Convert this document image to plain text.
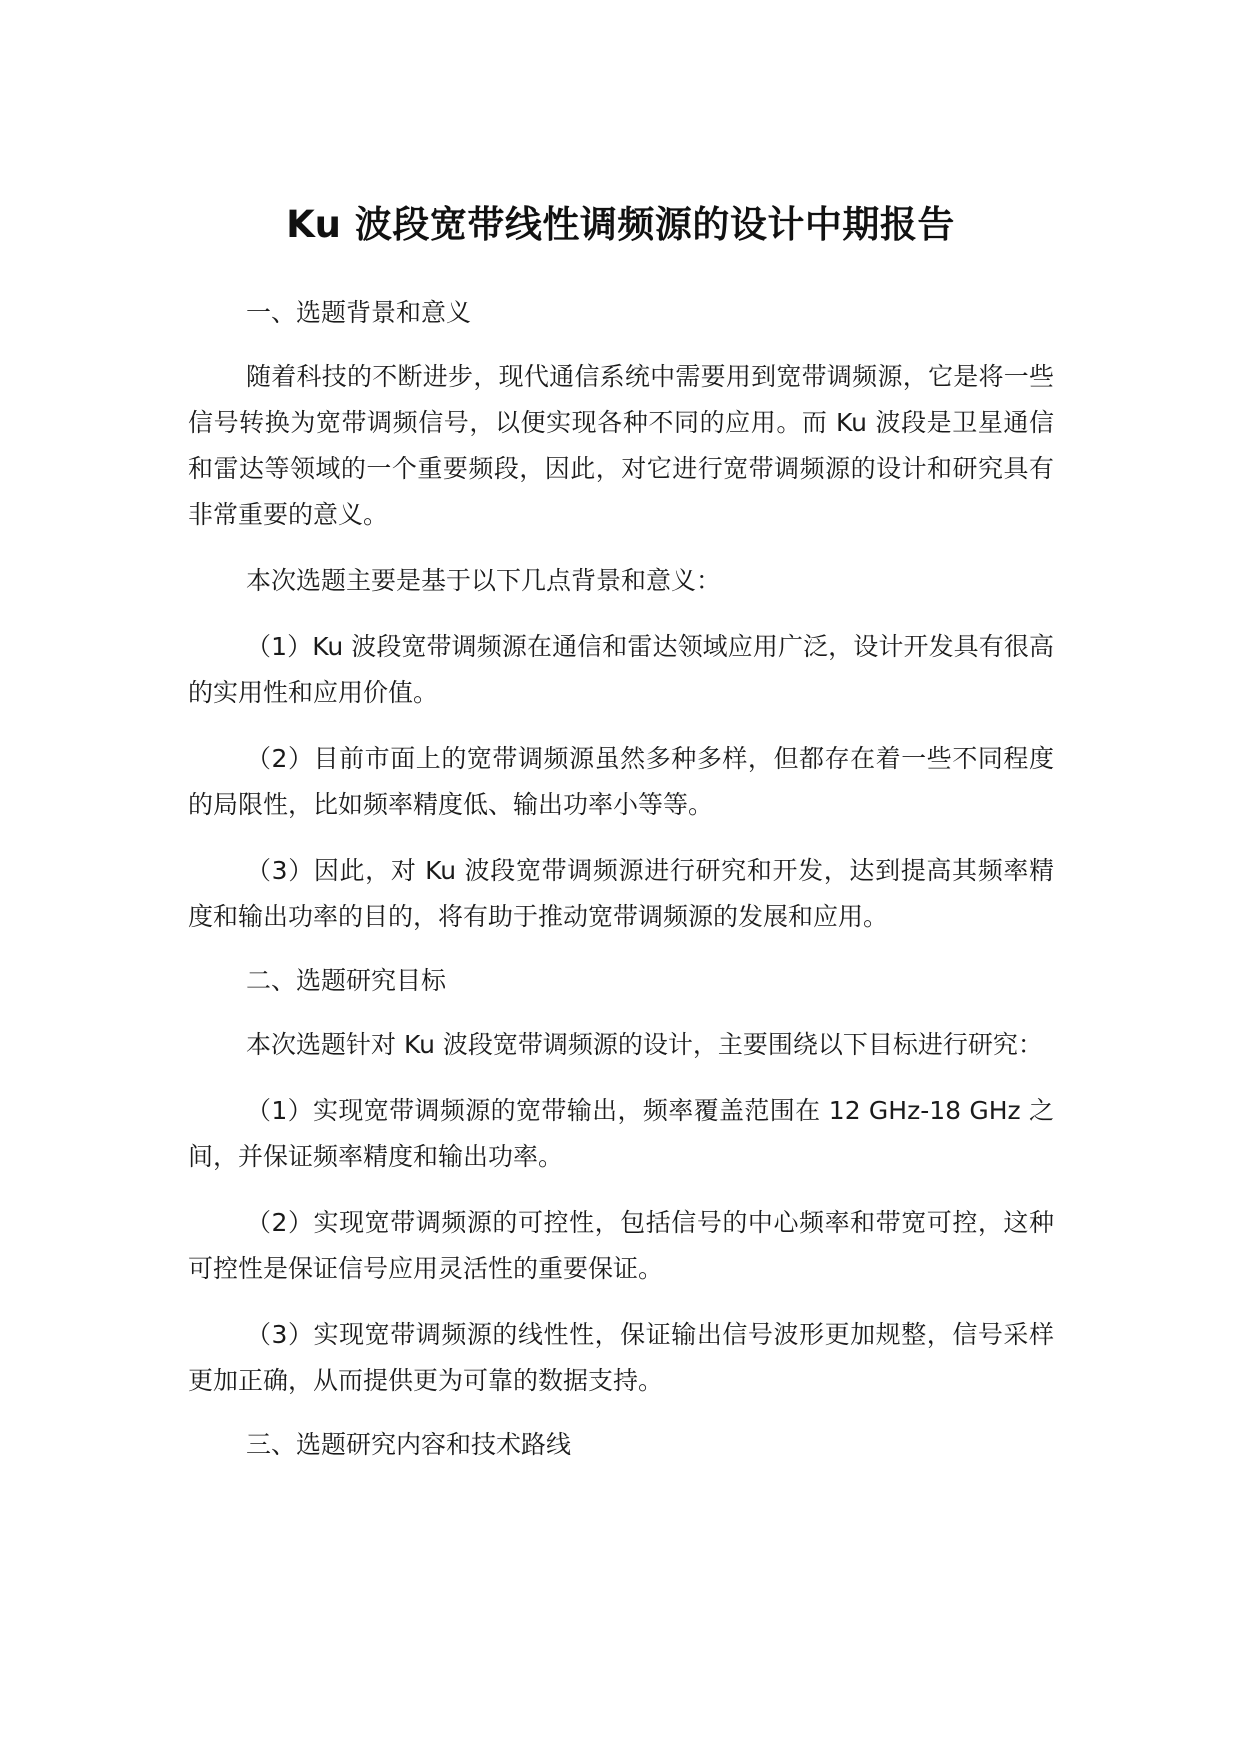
Ku 波段宽带线性调频源的设计中期报告

一、选题背景和意义

随着科技的不断进步，现代通信系统中需要用到宽带调频源，它是将一些信号转换为宽带调频信号，以便实现各种不同的应用。而 Ku 波段是卫星通信和雷达等领域的一个重要频段，因此，对它进行宽带调频源的设计和研究具有非常重要的意义。

本次选题主要是基于以下几点背景和意义：

（1）Ku 波段宽带调频源在通信和雷达领域应用广泛，设计开发具有很高的实用性和应用价值。

（2）目前市面上的宽带调频源虽然多种多样，但都存在着一些不同程度的局限性，比如频率精度低、输出功率小等等。

（3）因此，对 Ku 波段宽带调频源进行研究和开发，达到提高其频率精度和输出功率的目的，将有助于推动宽带调频源的发展和应用。

二、选题研究目标

本次选题针对 Ku 波段宽带调频源的设计，主要围绕以下目标进行研究：

（1）实现宽带调频源的宽带输出，频率覆盖范围在 12 GHz-18 GHz 之间，并保证频率精度和输出功率。

（2）实现宽带调频源的可控性，包括信号的中心频率和带宽可控，这种可控性是保证信号应用灵活性的重要保证。

（3）实现宽带调频源的线性性，保证输出信号波形更加规整，信号采样更加正确，从而提供更为可靠的数据支持。

三、选题研究内容和技术路线
